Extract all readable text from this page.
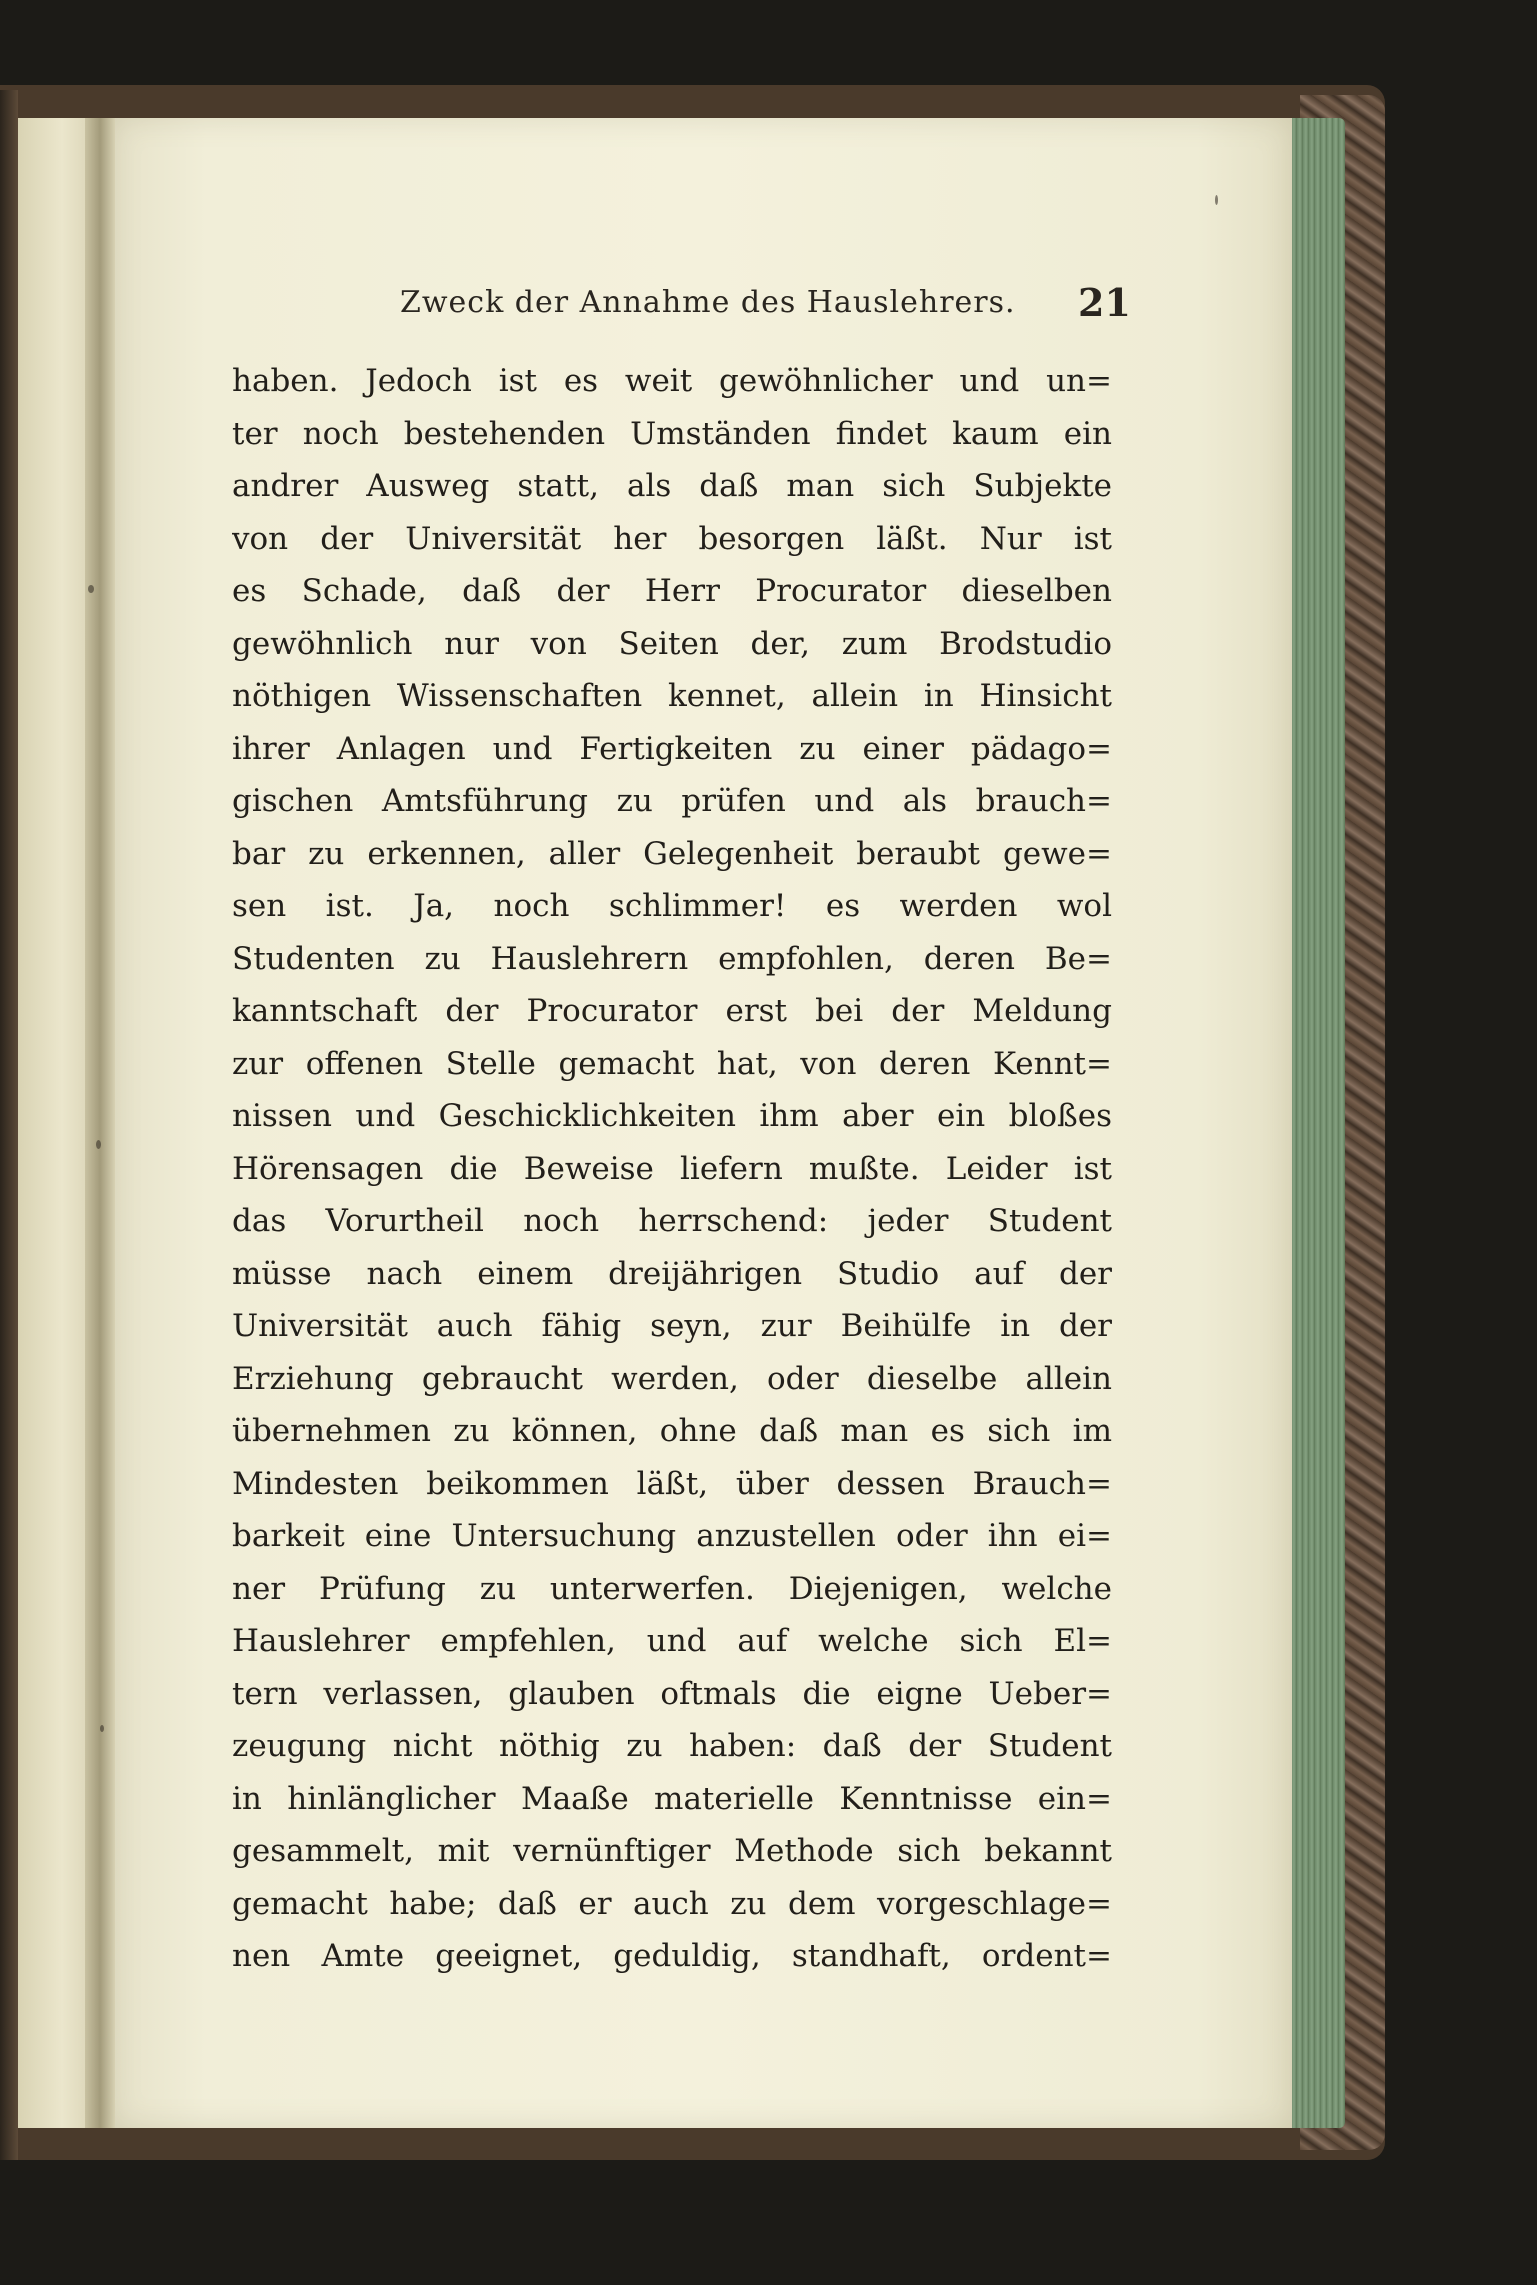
Zweck der Annahme des Hauslehrers.	21
haben. Jedoch ist es weit gewöhnlicher und un=
ter noch bestehenden Umständen findet kaum ein
andrer Ausweg statt, als daß man sich Subjekte
von der Universität her besorgen läßt. Nur ist
es Schade, daß der Herr Procurator dieselben
gewöhnlich nur von Seiten der, zum Brodstudio
nöthigen Wissenschaften kennet, allein in Hinsicht
ihrer Anlagen und Fertigkeiten zu einer pädago=
gischen Amtsführung zu prüfen und als brauch=
bar zu erkennen, aller Gelegenheit beraubt gewe=
sen ist. Ja, noch schlimmer! es werden wol
Studenten zu Hauslehrern empfohlen, deren Be=
kanntschaft der Procurator erst bei der Meldung
zur offenen Stelle gemacht hat, von deren Kennt=
nissen und Geschicklichkeiten ihm aber ein bloßes
Hörensagen die Beweise liefern mußte. Leider ist
das Vorurtheil noch herrschend: jeder Student
müsse nach einem dreijährigen Studio auf der
Universität auch fähig seyn, zur Beihülfe in der
Erziehung gebraucht werden, oder dieselbe allein
übernehmen zu können, ohne daß man es sich im
Mindesten beikommen läßt, über dessen Brauch=
barkeit eine Untersuchung anzustellen oder ihn ei=
ner Prüfung zu unterwerfen. Diejenigen, welche
Hauslehrer empfehlen, und auf welche sich El=
tern verlassen, glauben oftmals die eigne Ueber=
zeugung nicht nöthig zu haben: daß der Student
in hinlänglicher Maaße materielle Kenntnisse ein=
gesammelt, mit vernünftiger Methode sich bekannt
gemacht habe; daß er auch zu dem vorgeschlage=
nen Amte geeignet, geduldig, standhaft, ordent=
